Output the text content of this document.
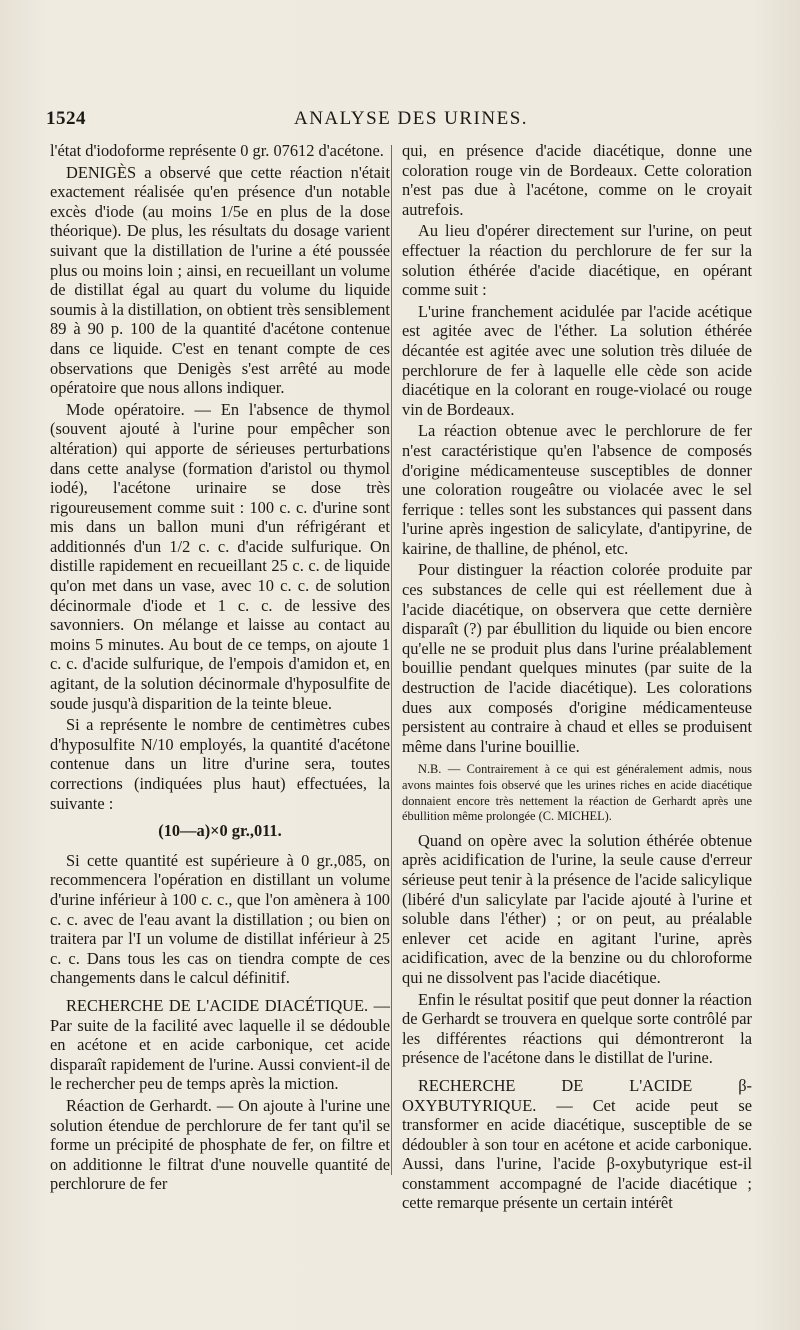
1524	ANALYSE DES URINES.

l'état d'iodoforme représente 0 gr. 07612 d'acétone.

DENIGÈS a observé que cette réaction n'était exactement réalisée qu'en présence d'un notable excès d'iode (au moins 1/5e en plus de la dose théorique). De plus, les résultats du dosage varient suivant que la distillation de l'urine a été poussée plus ou moins loin ; ainsi, en recueillant un volume de distillat égal au quart du volume du liquide soumis à la distillation, on obtient très sensiblement 89 à 90 p. 100 de la quantité d'acétone contenue dans ce liquide. C'est en tenant compte de ces observations que Denigès s'est arrêté au mode opératoire que nous allons indiquer.

Mode opératoire. — En l'absence de thymol (souvent ajouté à l'urine pour empêcher son altération) qui apporte de sérieuses perturbations dans cette analyse (formation d'aristol ou thymol iodé), l'acétone urinaire se dose très rigoureusement comme suit : 100 c. c. d'urine sont mis dans un ballon muni d'un réfrigérant et additionnés d'un 1/2 c. c. d'acide sulfurique. On distille rapidement en recueillant 25 c. c. de liquide qu'on met dans un vase, avec 10 c. c. de solution décinormale d'iode et 1 c. c. de lessive des savonniers. On mélange et laisse au contact au moins 5 minutes. Au bout de ce temps, on ajoute 1 c. c. d'acide sulfurique, de l'empois d'amidon et, en agitant, de la solution décinormale d'hyposulfite de soude jusqu'à disparition de la teinte bleue.

Si a représente le nombre de centimètres cubes d'hyposulfite N/10 employés, la quantité d'acétone contenue dans un litre d'urine sera, toutes corrections (indiquées plus haut) effectuées, la suivante :

(10—a)×0 gr.,011.

Si cette quantité est supérieure à 0 gr.,085, on recommencera l'opération en distillant un volume d'urine inférieur à 100 c. c., que l'on amènera à 100 c. c. avec de l'eau avant la distillation ; ou bien on traitera par l'I un volume de distillat inférieur à 25 c. c. Dans tous les cas on tiendra compte de ces changements dans le calcul définitif.

RECHERCHE DE L'ACIDE DIACÉTIQUE. — Par suite de la facilité avec laquelle il se dédouble en acétone et en acide carbonique, cet acide disparaît rapidement de l'urine. Aussi convient-il de le rechercher peu de temps après la miction.

Réaction de Gerhardt. — On ajoute à l'urine une solution étendue de perchlorure de fer tant qu'il se forme un précipité de phosphate de fer, on filtre et on additionne le filtrat d'une nouvelle quantité de perchlorure de fer

qui, en présence d'acide diacétique, donne une coloration rouge vin de Bordeaux. Cette coloration n'est pas due à l'acétone, comme on le croyait autrefois.

Au lieu d'opérer directement sur l'urine, on peut effectuer la réaction du perchlorure de fer sur la solution éthérée d'acide diacétique, en opérant comme suit :

L'urine franchement acidulée par l'acide acétique est agitée avec de l'éther. La solution éthérée décantée est agitée avec une solution très diluée de perchlorure de fer à laquelle elle cède son acide diacétique en la colorant en rouge-violacé ou rouge vin de Bordeaux.

La réaction obtenue avec le perchlorure de fer n'est caractéristique qu'en l'absence de composés d'origine médicamenteuse susceptibles de donner une coloration rougeâtre ou violacée avec le sel ferrique : telles sont les substances qui passent dans l'urine après ingestion de salicylate, d'antipyrine, de kairine, de thalline, de phénol, etc.

Pour distinguer la réaction colorée produite par ces substances de celle qui est réellement due à l'acide diacétique, on observera que cette dernière disparaît (?) par ébullition du liquide ou bien encore qu'elle ne se produit plus dans l'urine préalablement bouillie pendant quelques minutes (par suite de la destruction de l'acide diacétique). Les colorations dues aux composés d'origine médicamenteuse persistent au contraire à chaud et elles se produisent même dans l'urine bouillie.

N.B. — Contrairement à ce qui est généralement admis, nous avons maintes fois observé que les urines riches en acide diacétique donnaient encore très nettement la réaction de Gerhardt après une ébullition même prolongée (C. MICHEL).

Quand on opère avec la solution éthérée obtenue après acidification de l'urine, la seule cause d'erreur sérieuse peut tenir à la présence de l'acide salicylique (libéré d'un salicylate par l'acide ajouté à l'urine et soluble dans l'éther) ; or on peut, au préalable enlever cet acide en agitant l'urine, après acidification, avec de la benzine ou du chloroforme qui ne dissolvent pas l'acide diacétique.

Enfin le résultat positif que peut donner la réaction de Gerhardt se trouvera en quelque sorte contrôlé par les différentes réactions qui démontreront la présence de l'acétone dans le distillat de l'urine.

RECHERCHE DE L'ACIDE β-OXYBUTYRIQUE. — Cet acide peut se transformer en acide diacétique, susceptible de se dédoubler à son tour en acétone et acide carbonique. Aussi, dans l'urine, l'acide β-oxybutyrique est-il constamment accompagné de l'acide diacétique ; cette remarque présente un certain intérêt
